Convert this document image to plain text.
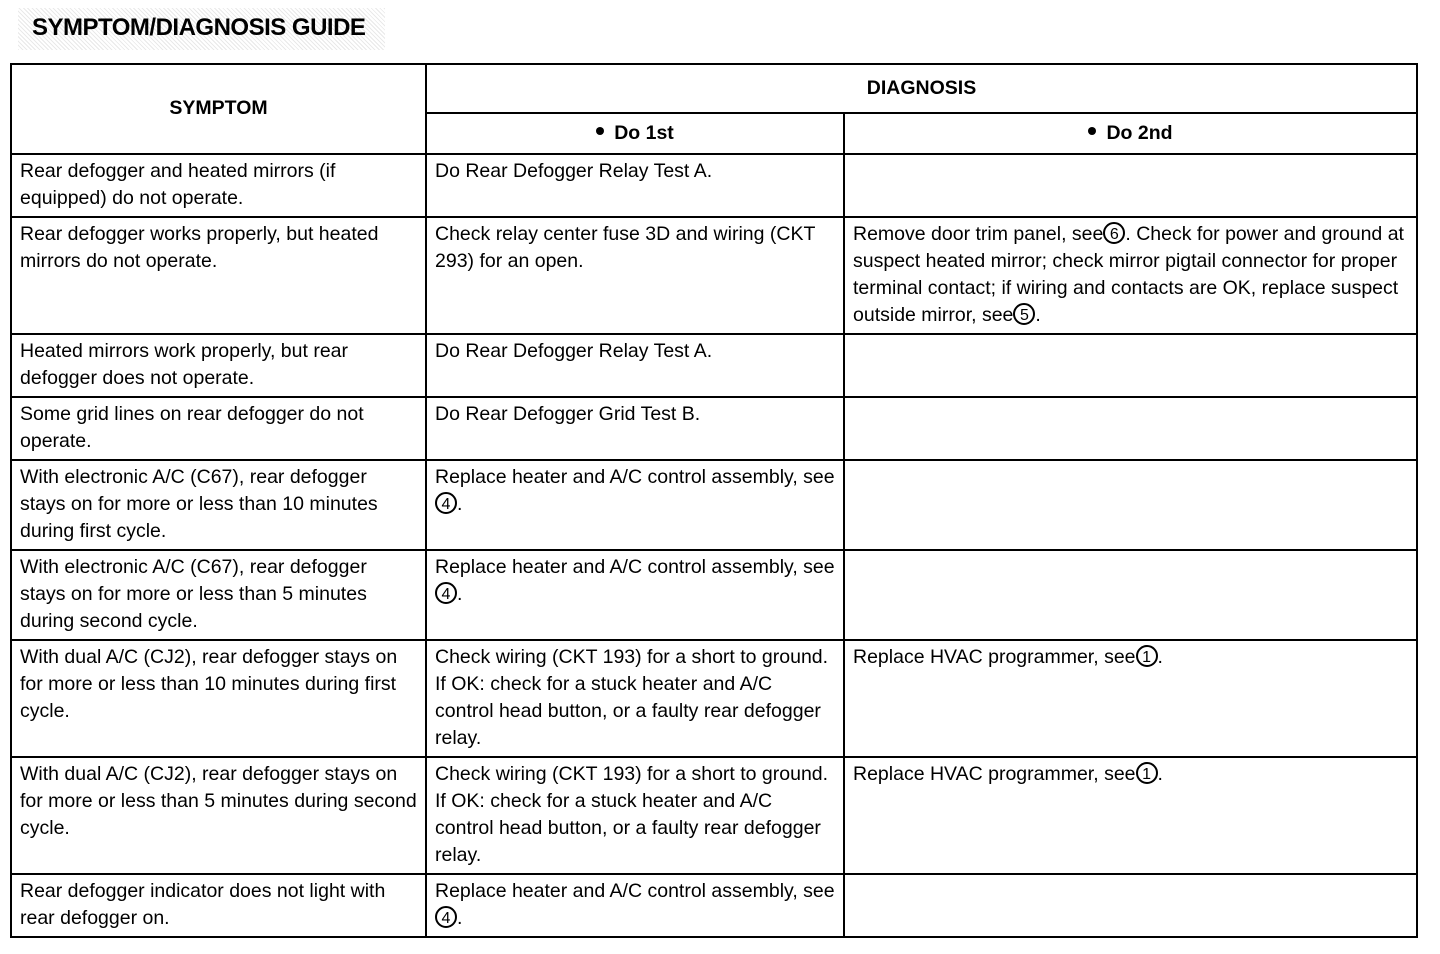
SYMPTOM/DIAGNOSIS GUIDE
SYMPTOM	DIAGNOSIS	
	Do 1st	Do 2nd
Rear defogger and heated mirrors (if equipped) do not operate.	Do Rear Defogger Relay Test A.	
Rear defogger works properly, but heated mirrors do not operate.	Check relay center fuse 3D and wiring (CKT 293) for an open.	Remove door trim panel, see 6 . Check for power and ground at suspect heated mirror; check mirror pigtail connector for proper terminal contact; if wiring and contacts are OK, replace suspect outside mirror, see 5 .
Heated mirrors work properly, but rear defogger does not operate.	Do Rear Defogger Relay Test A.	
Some grid lines on rear defogger do not operate.	Do Rear Defogger Grid Test B.	
With electronic A/C (C67), rear defogger stays on for more or less than 10 minutes during first cycle.	Replace heater and A/C control assembly, see4 .	
With electronic A/C (C67), rear defogger stays on for more or less than 5 minutes during second cycle.	Replace heater and A/C control assembly, see4 .	
With dual A/C (CJ2), rear defogger stays on for more or less than 10 minutes during first cycle.	Check wiring (CKT 193) for a short to ground. If OK: check for a stuck heater and A/C control head button, or a faulty rear defogger relay.	Replace HVAC programmer, see 1 .
With dual A/C (CJ2), rear defogger stays on for more or less than 5 minutes during second cycle.	Check wiring (CKT 193) for a short to ground. If OK: check for a stuck heater and A/C control head button, or a faulty rear defogger relay.	Replace HVAC programmer, see 1 .
Rear defogger indicator does not light with rear defogger on.	Replace heater and A/C control assembly, see4 .	
